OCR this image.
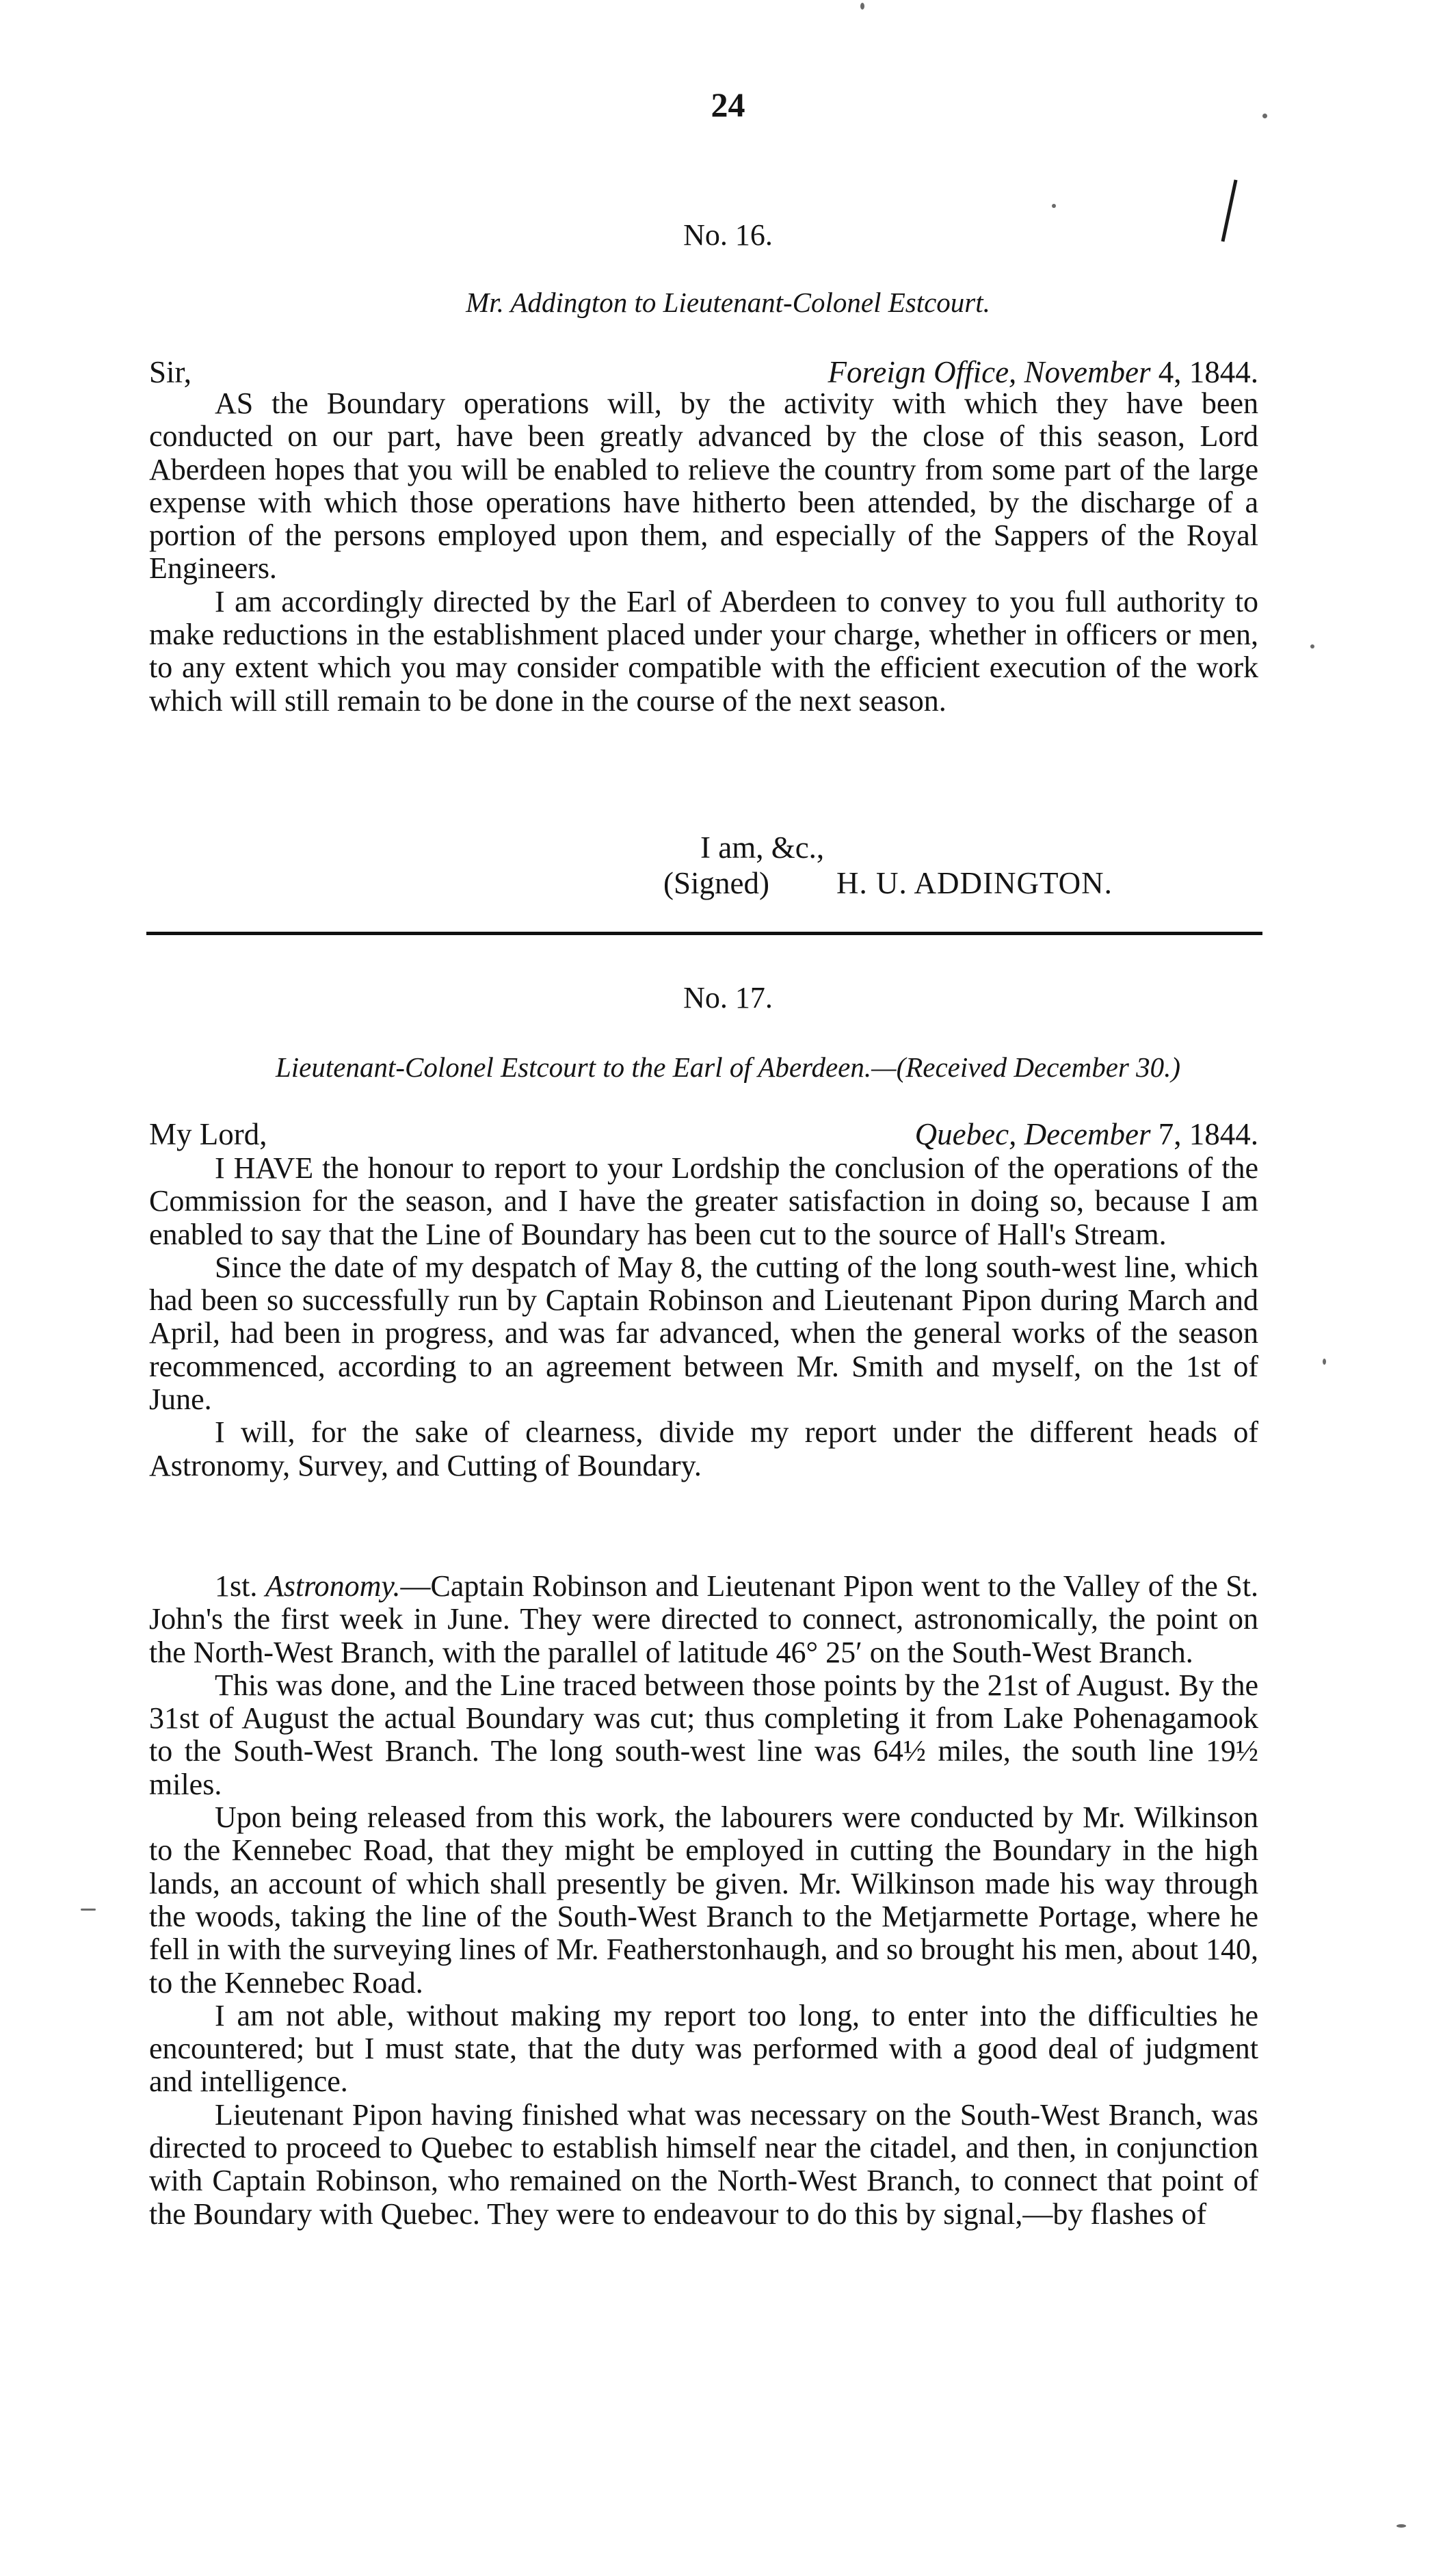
24
No. 16.
Mr. Addington to Lieutenant-Colonel Estcourt.
Sir,	Foreign Office, November 4, 1844.

AS the Boundary operations will, by the activity with which they have been conducted on our part, have been greatly advanced by the close of this season, Lord Aberdeen hopes that you will be enabled to relieve the country from some part of the large expense with which those operations have hitherto been attended, by the discharge of a portion of the persons employed upon them, and especially of the Sappers of the Royal Engineers.

I am accordingly directed by the Earl of Aberdeen to convey to you full authority to make reductions in the establishment placed under your charge, whether in officers or men, to any extent which you may consider compatible with the efficient execution of the work which will still remain to be done in the course of the next season.

I am, &c.,
(Signed) H. U. ADDINGTON.
No. 17.
Lieutenant-Colonel Estcourt to the Earl of Aberdeen.—(Received December 30.)
My Lord,	Quebec, December 7, 1844.

I HAVE the honour to report to your Lordship the conclusion of the operations of the Commission for the season, and I have the greater satisfaction in doing so, because I am enabled to say that the Line of Boundary has been cut to the source of Hall's Stream.

Since the date of my despatch of May 8, the cutting of the long south-west line, which had been so successfully run by Captain Robinson and Lieutenant Pipon during March and April, had been in progress, and was far advanced, when the general works of the season recommenced, according to an agreement between Mr. Smith and myself, on the 1st of June.

I will, for the sake of clearness, divide my report under the different heads of Astronomy, Survey, and Cutting of Boundary.

1st. Astronomy.—Captain Robinson and Lieutenant Pipon went to the Valley of the St. John's the first week in June. They were directed to connect, astronomically, the point on the North-West Branch, with the parallel of latitude 46° 25′ on the South-West Branch.

This was done, and the Line traced between those points by the 21st of August. By the 31st of August the actual Boundary was cut; thus completing it from Lake Pohenagamook to the South-West Branch. The long south-west line was 64½ miles, the south line 19½ miles.

Upon being released from this work, the labourers were conducted by Mr. Wilkinson to the Kennebec Road, that they might be employed in cutting the Boundary in the high lands, an account of which shall presently be given. Mr. Wilkinson made his way through the woods, taking the line of the South-West Branch to the Metjarmette Portage, where he fell in with the surveying lines of Mr. Featherstonhaugh, and so brought his men, about 140, to the Kennebec Road.

I am not able, without making my report too long, to enter into the difficulties he encountered; but I must state, that the duty was performed with a good deal of judgment and intelligence.

Lieutenant Pipon having finished what was necessary on the South-West Branch, was directed to proceed to Quebec to establish himself near the citadel, and then, in conjunction with Captain Robinson, who remained on the North-West Branch, to connect that point of the Boundary with Quebec. They were to endeavour to do this by signal,—by flashes of
